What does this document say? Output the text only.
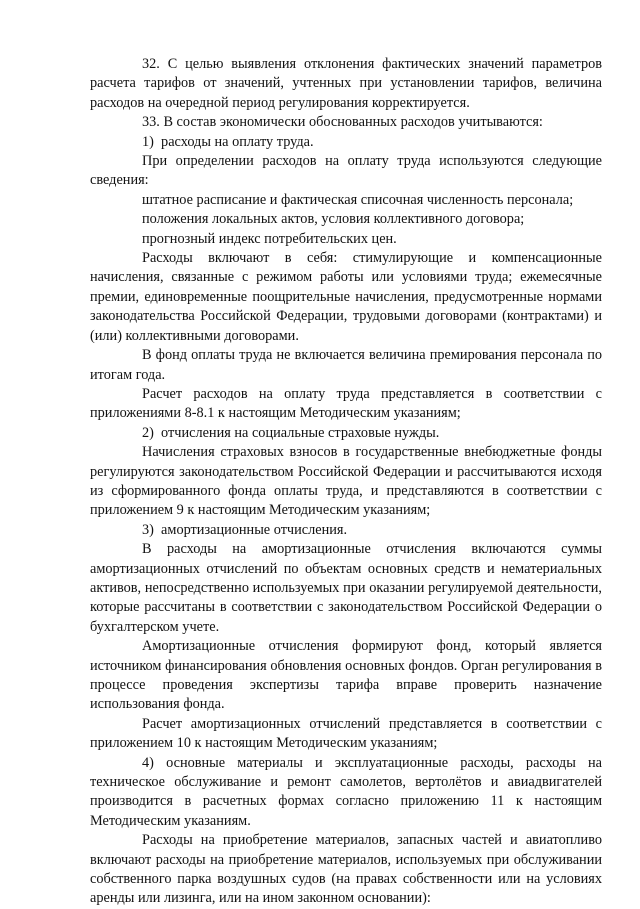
32. С целью выявления отклонения фактических значений параметров расчета тарифов от значений, учтенных при установлении тарифов, величина расходов на очередной период регулирования корректируется.

33. В состав экономически обоснованных расходов учитываются:

1)  расходы на оплату труда.

При определении расходов на оплату труда используются следующие сведения:

штатное расписание и фактическая списочная численность персонала;

положения локальных актов, условия коллективного договора;

прогнозный индекс потребительских цен.

Расходы включают в себя: стимулирующие и компенсационные начисления, связанные с режимом работы или условиями труда; ежемесячные премии, единовременные поощрительные начисления, предусмотренные нормами законодательства Российской Федерации, трудовыми договорами (контрактами) и (или) коллективными договорами.

В фонд оплаты труда не включается величина премирования персонала по итогам года.

Расчет расходов на оплату труда представляется в соответствии с приложениями 8-8.1 к настоящим Методическим указаниям;

2)  отчисления на социальные страховые нужды.

Начисления страховых взносов в государственные внебюджетные фонды регулируются законодательством Российской Федерации и рассчитываются исходя из сформированного фонда оплаты труда, и представляются в соответствии с приложением 9 к настоящим Методическим указаниям;

3)  амортизационные отчисления.

В расходы на амортизационные отчисления включаются суммы амортизационных отчислений по объектам основных средств и нематериальных активов, непосредственно используемых при оказании регулируемой деятельности, которые рассчитаны в соответствии с законодательством Российской Федерации о бухгалтерском учете.

Амортизационные отчисления формируют фонд, который является источником финансирования обновления основных фондов. Орган регулирования в процессе проведения экспертизы тарифа вправе проверить назначение использования фонда.

Расчет амортизационных отчислений представляется в соответствии с приложением 10 к настоящим Методическим указаниям;

4) основные материалы и эксплуатационные расходы, расходы на техническое обслуживание и ремонт самолетов, вертолётов и авиадвигателей производится в расчетных формах согласно приложению 11 к настоящим Методическим указаниям.

Расходы на приобретение материалов, запасных частей и авиатопливо включают расходы на приобретение материалов, используемых при обслуживании собственного парка воздушных судов (на правах собственности или на условиях аренды или лизинга, или на ином законном основании):
